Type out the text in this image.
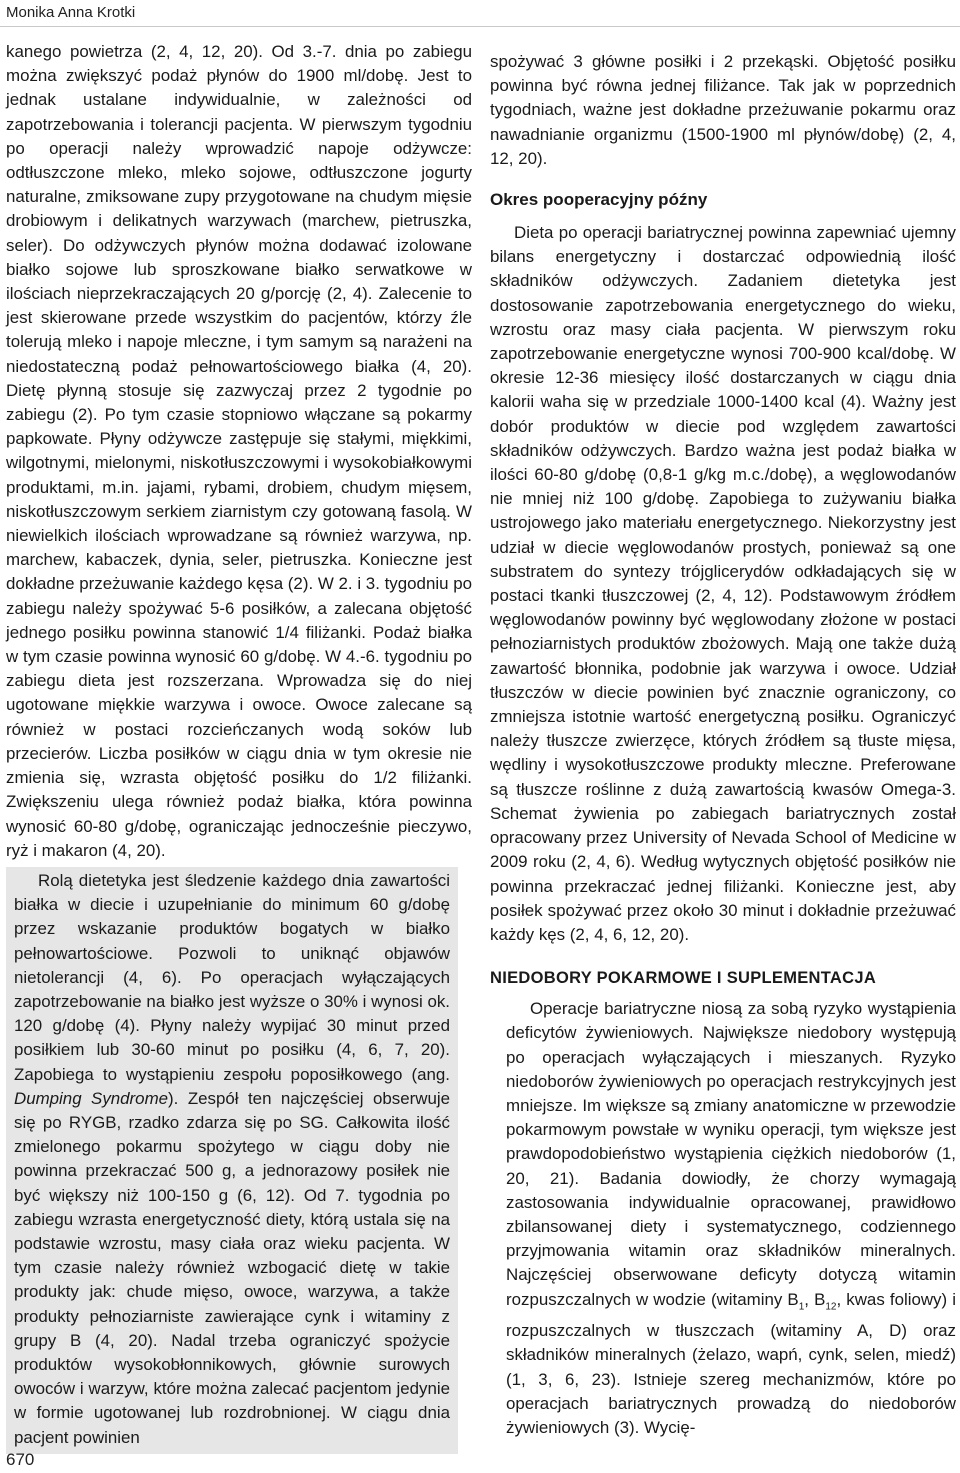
Monika Anna Krotki

kanego powietrza (2, 4, 12, 20). Od 3.-7. dnia po zabiegu można zwiększyć podaż płynów do 1900 ml/dobę. Jest to jednak ustalane indywidualnie, w zależności od zapotrzebowania i tolerancji pacjenta. W pierwszym tygodniu po operacji należy wprowadzić napoje odżywcze: odtłuszczone mleko, mleko sojowe, odtłuszczone jogurty naturalne, zmiksowane zupy przygotowane na chudym mięsie drobiowym i delikatnych warzywach (marchew, pietruszka, seler). Do odżywczych płynów można dodawać izolowane białko sojowe lub sproszkowane białko serwatkowe w ilościach nieprzekraczających 20 g/porcję (2, 4). Zalecenie to jest skierowane przede wszystkim do pacjentów, którzy źle tolerują mleko i napoje mleczne, i tym samym są narażeni na niedostateczną podaż pełnowartościowego białka (4, 20). Dietę płynną stosuje się zazwyczaj przez 2 tygodnie po zabiegu (2). Po tym czasie stopniowo włączane są pokarmy papkowate. Płyny odżywcze zastępuje się stałymi, miękkimi, wilgotnymi, mielonymi, niskotłuszczowymi i wysokobiałkowymi produktami, m.in. jajami, rybami, drobiem, chudym mięsem, niskotłuszczowym serkiem ziarnistym czy gotowaną fasolą. W niewielkich ilościach wprowadzane są również warzywa, np. marchew, kabaczek, dynia, seler, pietruszka. Konieczne jest dokładne przeżuwanie każdego kęsa (2). W 2. i 3. tygodniu po zabiegu należy spożywać 5-6 posiłków, a zalecana objętość jednego posiłku powinna stanowić 1/4 filiżanki. Podaż białka w tym czasie powinna wynosić 60 g/dobę. W 4.-6. tygodniu po zabiegu dieta jest rozszerzana. Wprowadza się do niej ugotowane miękkie warzywa i owoce. Owoce zalecane są również w postaci rozcieńczanych wodą soków lub przecierów. Liczba posiłków w ciągu dnia w tym okresie nie zmienia się, wzrasta objętość posiłku do 1/2 filiżanki. Zwiększeniu ulega również podaż białka, która powinna wynosić 60-80 g/dobę, ograniczając jednocześnie pieczywo, ryż i makaron (4, 20).

Rolą dietetyka jest śledzenie każdego dnia zawartości białka w diecie i uzupełnianie do minimum 60 g/dobę przez wskazanie produktów bogatych w białko pełnowartościowe. Pozwoli to uniknąć objawów nietolerancji (4, 6). Po operacjach wyłączających zapotrzebowanie na białko jest wyższe o 30% i wynosi ok. 120 g/dobę (4). Płyny należy wypijać 30 minut przed posiłkiem lub 30-60 minut po posiłku (4, 6, 7, 20). Zapobiega to wystąpieniu zespołu poposiłkowego (ang. Dumping Syndrome). Zespół ten najczęściej obserwuje się po RYGB, rzadko zdarza się po SG. Całkowita ilość zmielonego pokarmu spożytego w ciągu doby nie powinna przekraczać 500 g, a jednorazowy posiłek nie być większy niż 100-150 g (6, 12). Od 7. tygodnia po zabiegu wzrasta energetyczność diety, którą ustala się na podstawie wzrostu, masy ciała oraz wieku pacjenta. W tym czasie należy również wzbogacić dietę w takie produkty jak: chude mięso, owoce, warzywa, a także produkty pełnoziarniste zawierające cynk i witaminy z grupy B (4, 20). Nadal trzeba ograniczyć spożycie produktów wysokobłonnikowych, głównie surowych owoców i warzyw, które można zalecać pacjentom jedynie w formie ugotowanej lub rozdrobnionej. W ciągu dnia pacjent powinien

spożywać 3 główne posiłki i 2 przekąski. Objętość posiłku powinna być równa jednej filiżance. Tak jak w poprzednich tygodniach, ważne jest dokładne przeżuwanie pokarmu oraz nawadnianie organizmu (1500-1900 ml płynów/dobę) (2, 4, 12, 20).

Okres pooperacyjny późny

Dieta po operacji bariatrycznej powinna zapewniać ujemny bilans energetyczny i dostarczać odpowiednią ilość składników odżywczych. Zadaniem dietetyka jest dostosowanie zapotrzebowania energetycznego do wieku, wzrostu oraz masy ciała pacjenta. W pierwszym roku zapotrzebowanie energetyczne wynosi 700-900 kcal/dobę. W okresie 12-36 miesięcy ilość dostarczanych w ciągu dnia kalorii waha się w przedziale 1000-1400 kcal (4). Ważny jest dobór produktów w diecie pod względem zawartości składników odżywczych. Bardzo ważna jest podaż białka w ilości 60-80 g/dobę (0,8-1 g/kg m.c./dobę), a węglowodanów nie mniej niż 100 g/dobę. Zapobiega to zużywaniu białka ustrojowego jako materiału energetycznego. Niekorzystny jest udział w diecie węglowodanów prostych, ponieważ są one substratem do syntezy trójglicerydów odkładających się w postaci tkanki tłuszczowej (2, 4, 12). Podstawowym źródłem węglowodanów powinny być węglowodany złożone w postaci pełnoziarnistych produktów zbożowych. Mają one także dużą zawartość błonnika, podobnie jak warzywa i owoce. Udział tłuszczów w diecie powinien być znacznie ograniczony, co zmniejsza istotnie wartość energetyczną posiłku. Ograniczyć należy tłuszcze zwierzęce, których źródłem są tłuste mięsa, wędliny i wysokotłuszczowe produkty mleczne. Preferowane są tłuszcze roślinne z dużą zawartością kwasów Omega-3. Schemat żywienia po zabiegach bariatrycznych został opracowany przez University of Nevada School of Medicine w 2009 roku (2, 4, 6). Według wytycznych objętość posiłków nie powinna przekraczać jednej filiżanki. Konieczne jest, aby posiłek spożywać przez około 30 minut i dokładnie przeżuwać każdy kęs (2, 4, 6, 12, 20).

NIEDOBORY POKARMOWE I SUPLEMENTACJA

Operacje bariatryczne niosą za sobą ryzyko wystąpienia deficytów żywieniowych. Największe niedobory występują po operacjach wyłączających i mieszanych. Ryzyko niedoborów żywieniowych po operacjach restrykcyjnych jest mniejsze. Im większe są zmiany anatomiczne w przewodzie pokarmowym powstałe w wyniku operacji, tym większe jest prawdopodobieństwo wystąpienia ciężkich niedoborów (1, 20, 21). Badania dowiodły, że chorzy wymagają zastosowania indywidualnie opracowanej, prawidłowo zbilansowanej diety i systematycznego, codziennego przyjmowania witamin oraz składników mineralnych. Najczęściej obserwowane deficyty dotyczą witamin rozpuszczalnych w wodzie (witaminy $B_1$, $B_{12}$, kwas foliowy) i rozpuszczalnych w tłuszczach (witaminy A, D) oraz składników mineralnych (żelazo, wapń, cynk, selen, miedź) (1, 3, 6, 23). Istnieje szereg mechanizmów, które po operacjach bariatrycznych prowadzą do niedoborów żywieniowych (3). Wycię-

670
